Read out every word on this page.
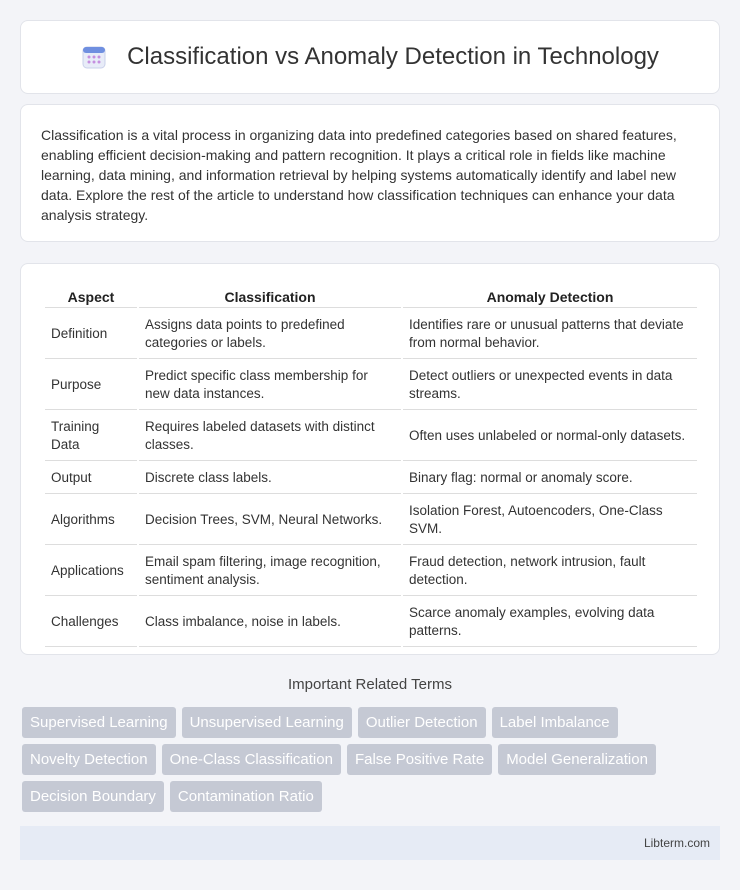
Classification vs Anomaly Detection in Technology

Classification is a vital process in organizing data into predefined categories based on shared features, enabling efficient decision-making and pattern recognition. It plays a critical role in fields like machine learning, data mining, and information retrieval by helping systems automatically identify and label new data. Explore the rest of the article to understand how classification techniques can enhance your data analysis strategy.

Aspect	Classification	Anomaly Detection
Definition	Assigns data points to predefined categories or labels.	Identifies rare or unusual patterns that deviate from normal behavior.
Purpose	Predict specific class membership for new data instances.	Detect outliers or unexpected events in data streams.
Training Data	Requires labeled datasets with distinct classes.	Often uses unlabeled or normal-only datasets.
Output	Discrete class labels.	Binary flag: normal or anomaly score.
Algorithms	Decision Trees, SVM, Neural Networks.	Isolation Forest, Autoencoders, One-Class SVM.
Applications	Email spam filtering, image recognition, sentiment analysis.	Fraud detection, network intrusion, fault detection.
Challenges	Class imbalance, noise in labels.	Scarce anomaly examples, evolving data patterns.
Important Related Terms
Supervised Learning	Unsupervised Learning	Outlier Detection	Label Imbalance
Novelty Detection	One-Class Classification	False Positive Rate	Model Generalization
Decision Boundary	Contamination Ratio
Libterm.com
